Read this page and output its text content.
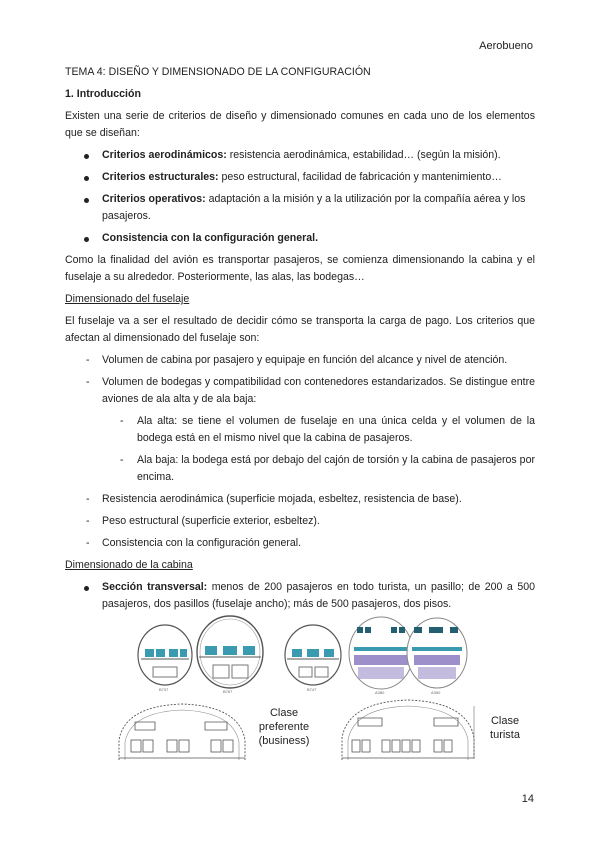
Aerobueno

TEMA 4: DISEÑO Y DIMENSIONADO DE LA CONFIGURACIÓN

1. Introducción

Existen una serie de criterios de diseño y dimensionado comunes en cada uno de los elementos que se diseñan:

Criterios aerodinámicos: resistencia aerodinámica, estabilidad… (según la misión).
Criterios estructurales: peso estructural, facilidad de fabricación y mantenimiento…
Criterios operativos: adaptación a la misión y a la utilización por la compañía aérea y los pasajeros.
Consistencia con la configuración general.

Como la finalidad del avión es transportar pasajeros, se comienza dimensionando la cabina y el fuselaje a su alrededor. Posteriormente, las alas, las bodegas…

Dimensionado del fuselaje

El fuselaje va a ser el resultado de decidir cómo se transporta la carga de pago. Los criterios que afectan al dimensionado del fuselaje son:

- Volumen de cabina por pasajero y equipaje en función del alcance y nivel de atención.
- Volumen de bodegas y compatibilidad con contenedores estandarizados. Se distingue entre aviones de ala alta y de ala baja:
- Ala alta: se tiene el volumen de fuselaje en una única celda y el volumen de la bodega está en el mismo nivel que la cabina de pasajeros.
- Ala baja: la bodega está por debajo del cajón de torsión y la cabina de pasajeros por encima.
- Resistencia aerodinámica (superficie mojada, esbeltez, resistencia de base).
- Peso estructural (superficie exterior, esbeltez).
- Consistencia con la configuración general.

Dimensionado de la cabina

Sección transversal: menos de 200 pasajeros en todo turista, un pasillo; de 200 a 500 pasajeros, dos pasillos (fuselaje ancho); más de 500 pasajeros, dos pisos.
B737	B767	B747
A380	A350
Clase
preferente
(business)
Clase
turista
14
